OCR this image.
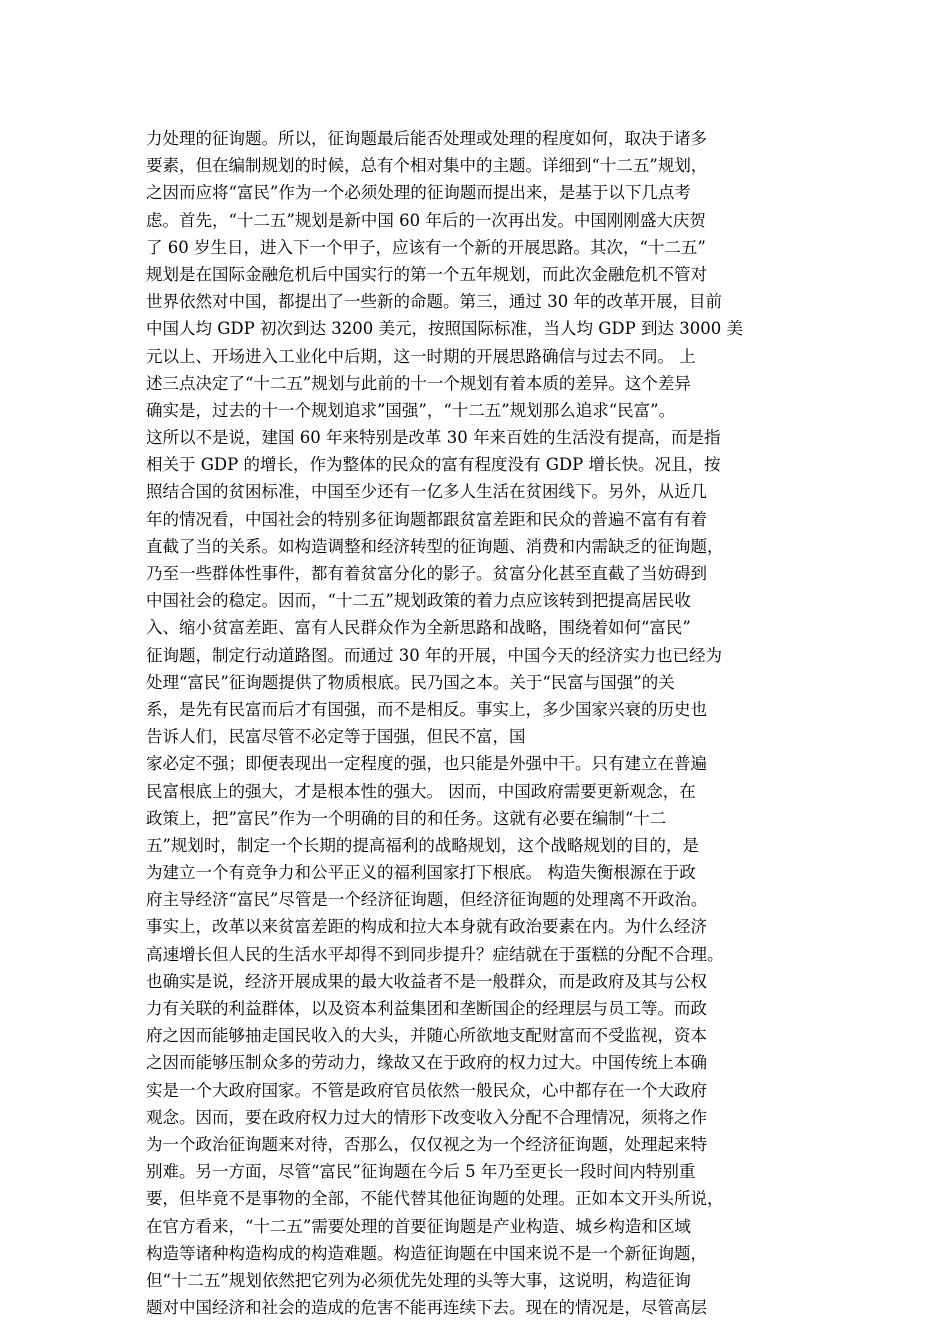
力处理的征询题。所以，征询题最后能否处理或处理的程度如何，取决于诸多
要素，但在编制规划的时候，总有个相对集中的主题。详细到“十二五”规划，
之因而应将“富民”作为一个必须处理的征询题而提出来，是基于以下几点考
虑。首先，“十二五”规划是新中国 60 年后的一次再出发。中国刚刚盛大庆贺
了 60 岁生日，进入下一个甲子，应该有一个新的开展思路。其次，“十二五”
规划是在国际金融危机后中国实行的第一个五年规划，而此次金融危机不管对
世界依然对中国，都提出了一些新的命题。第三，通过 30 年的改革开展，目前
中国人均 GDP 初次到达 3200 美元，按照国际标准，当人均 GDP 到达 3000 美
元以上、开场进入工业化中后期，这一时期的开展思路确信与过去不同。 上
述三点决定了“十二五”规划与此前的十一个规划有着本质的差异。这个差异
确实是，过去的十一个规划追求”国强”，“十二五”规划那么追求“民富”。
这所以不是说，建国 60 年来特别是改革 30 年来百姓的生活没有提高，而是指
相关于 GDP 的增长，作为整体的民众的富有程度没有 GDP 增长快。况且，按
照结合国的贫困标准，中国至少还有一亿多人生活在贫困线下。另外，从近几
年的情况看，中国社会的特别多征询题都跟贫富差距和民众的普遍不富有有着
直截了当的关系。如构造调整和经济转型的征询题、消费和内需缺乏的征询题，
乃至一些群体性事件，都有着贫富分化的影子。贫富分化甚至直截了当妨碍到
中国社会的稳定。因而，“十二五”规划政策的着力点应该转到把提高居民收
入、缩小贫富差距、富有人民群众作为全新思路和战略，围绕着如何“富民”
征询题，制定行动道路图。而通过 30 年的开展，中国今天的经济实力也已经为
处理“富民”征询题提供了物质根底。民乃国之本。关于“民富与国强”的关
系，是先有民富而后才有国强，而不是相反。事实上，多少国家兴衰的历史也
告诉人们，民富尽管不必定等于国强，但民不富，国
家必定不强；即便表现出一定程度的强，也只能是外强中干。只有建立在普遍
民富根底上的强大，才是根本性的强大。 因而，中国政府需要更新观念，在
政策上，把”富民”作为一个明确的目的和任务。这就有必要在编制“十二
五”规划时，制定一个长期的提高福利的战略规划，这个战略规划的目的，是
为建立一个有竞争力和公平正义的福利国家打下根底。 构造失衡根源在于政
府主导经济“富民”尽管是一个经济征询题，但经济征询题的处理离不开政治。
事实上，改革以来贫富差距的构成和拉大本身就有政治要素在内。为什么经济
高速增长但人民的生活水平却得不到同步提升？症结就在于蛋糕的分配不合理。
也确实是说，经济开展成果的最大收益者不是一般群众，而是政府及其与公权
力有关联的利益群体，以及资本利益集团和垄断国企的经理层与员工等。而政
府之因而能够抽走国民收入的大头，并随心所欲地支配财富而不受监视，资本
之因而能够压制众多的劳动力，缘故又在于政府的权力过大。中国传统上本确
实是一个大政府国家。不管是政府官员依然一般民众，心中都存在一个大政府
观念。因而，要在政府权力过大的情形下改变收入分配不合理情况，须将之作
为一个政治征询题来对待，否那么，仅仅视之为一个经济征询题，处理起来特
别难。另一方面，尽管“富民”征询题在今后 5 年乃至更长一段时间内特别重
要，但毕竟不是事物的全部，不能代替其他征询题的处理。正如本文开头所说，
在官方看来，“十二五”需要处理的首要征询题是产业构造、城乡构造和区域
构造等诸种构造构成的构造难题。构造征询题在中国来说不是一个新征询题，
但“十二五”规划依然把它列为必须优先处理的头等大事，这说明，构造征询
题对中国经济和社会的造成的危害不能再连续下去。现在的情况是，尽管高层
